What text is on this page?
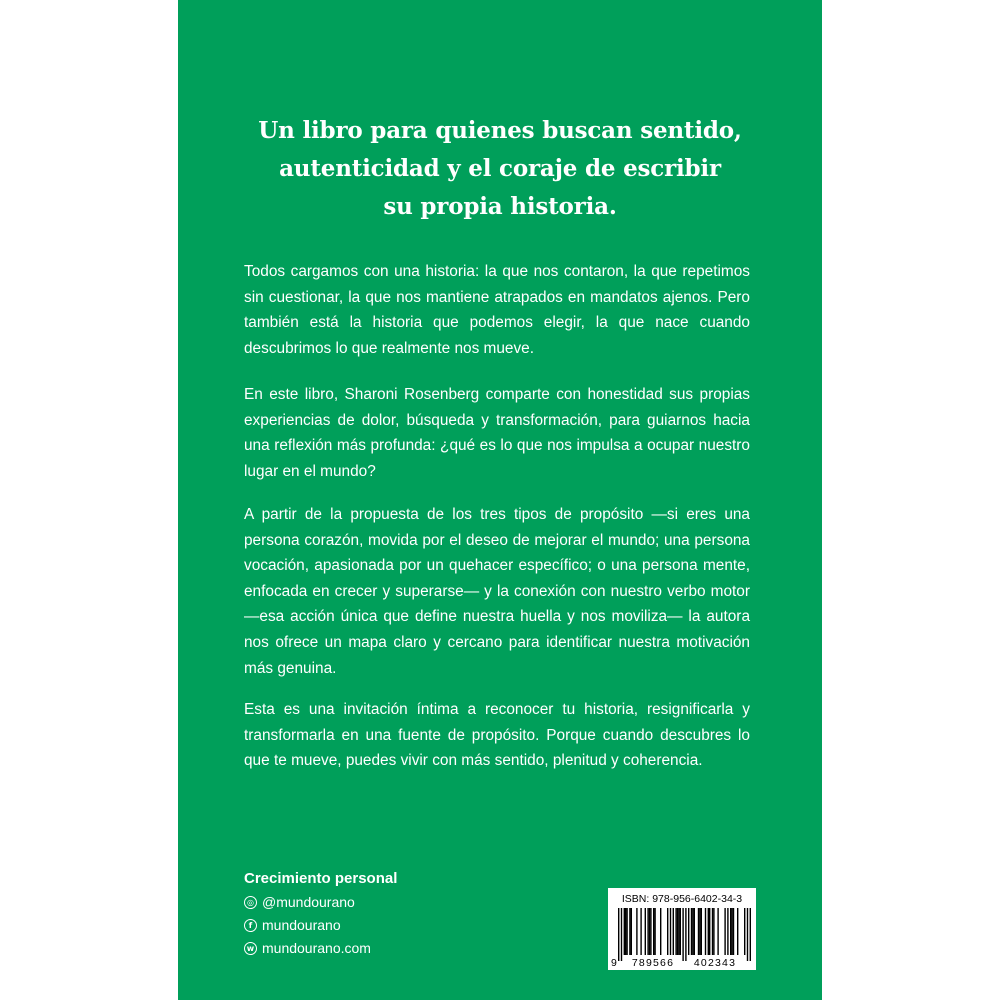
Un libro para quienes buscan sentido,
autenticidad y el coraje de escribir
su propia historia.
Todos cargamos con una historia: la que nos contaron, la que repetimos sin cuestionar, la que nos mantiene atrapados en mandatos ajenos. Pero también está la historia que podemos elegir, la que nace cuando descubrimos lo que realmente nos mueve.
En este libro, Sharoni Rosenberg comparte con honestidad sus propias experiencias de dolor, búsqueda y transformación, para guiarnos hacia una reflexión más profunda: ¿qué es lo que nos impulsa a ocupar nuestro lugar en el mundo?
A partir de la propuesta de los tres tipos de propósito —si eres una persona corazón, movida por el deseo de mejorar el mundo; una persona vocación, apasionada por un quehacer específico; o una persona mente, enfocada en crecer y superarse— y la conexión con nuestro verbo motor —esa acción única que define nuestra huella y nos moviliza— la autora nos ofrece un mapa claro y cercano para identificar nuestra motivación más genuina.
Esta es una invitación íntima a reconocer tu historia, resignificarla y transformarla en una fuente de propósito. Porque cuando descubres lo que te mueve, puedes vivir con más sentido, plenitud y coherencia.
Crecimiento personal
◎ @mundourano
f mundourano
w mundourano.com
ISBN: 978-956-6402-34-3
9 789566 402343
